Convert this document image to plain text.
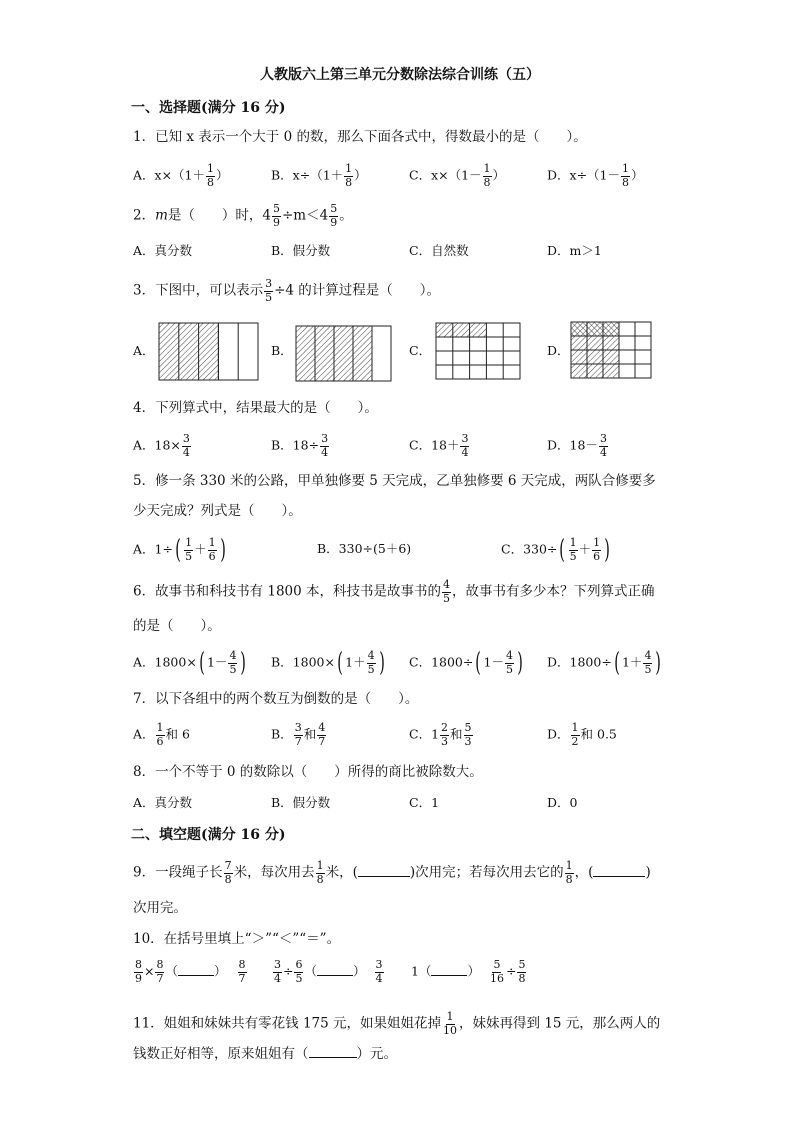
人教版六上第三单元分数除法综合训练（五）
一、选择题(满分 16 分)
1．已知 x 表示一个大于 0 的数，那么下面各式中，得数最小的是（　　）。
A．$x\times(1+ \frac{1}{8}$ ）	B．$x\div(1+ \frac{1}{8}$ ）	C．$x\times(1- \frac{1}{8}$ ）	D．$x\div(1- \frac{1}{8}$ ）
2．m是（　　）时，$4 \frac{5}{9} \div m<4 \frac{5}{9}$ 。
A．真分数	B．假分数	C．自然数	D．m＞1
3．下图中，可以表示 $\frac{3}{5} \div 4$ 的计算过程是（　　）。
A．	B．	C．	D．
4．下列算式中，结果最大的是（　　）。
A．$18\times \frac{3}{4}$	B．$18\div \frac{3}{4}$	C．$18+ \frac{3}{4}$	D．$18- \frac{3}{4}$
5．修一条 330 米的公路，甲单独修要 5 天完成，乙单独修要 6 天完成，两队合修要多
少天完成？列式是（　　）。
A．$1\div( \frac{1}{5} + \frac{1}{6}$ )	B．330÷(5＋6)	C．$330\div( \frac{1}{5} + \frac{1}{6}$ )
6．故事书和科技书有 1800 本，科技书是故事书的 $\frac{4}{5}$ ，故事书有多少本？下列算式正确
的是（　　）。
A．1800×( $1- \frac{4}{5}$ ) B．1800×( $1+ \frac{4}{5}$ ) C．1800÷( $1- \frac{4}{5}$ ) D．1800÷( $1+ \frac{4}{5}$ )
7．以下各组中的两个数互为倒数的是（　　）。
A． $\frac{1}{6}$ 和 6	B． $\frac{3}{7}$ 和 $\frac{4}{7}$	C．$1 \frac{2}{3}$ 和 $\frac{5}{3}$	D． $\frac{1}{2}$ 和 0.5
8．一个不等于 0 的数除以（　　）所得的商比被除数大。
A．真分数	B．假分数	C．1	D．0
二、填空题(满分 16 分)
9．一段绳子长 $\frac{7}{8}$ 米，每次用去 $\frac{1}{8}$ 米，(	)次用完；若每次用去它的 $\frac{1}{8}$ ，(	)
次用完。
10．在括号里填上“＞”“＜”“＝”。
$\frac{8}{9} \times \frac{8}{7}$ （	） $\frac{8}{7} \frac{3}{4} \div \frac{6}{5}$ （	） $\frac{3}{4} 1$（	） $\frac{5}{16} \div \frac{5}{8}$
11．姐姐和妹妹共有零花钱 175 元，如果姐姐花掉 $\frac{1}{10}$ ，妹妹再得到 15 元，那么两人的
钱数正好相等，原来姐姐有（	）元。
